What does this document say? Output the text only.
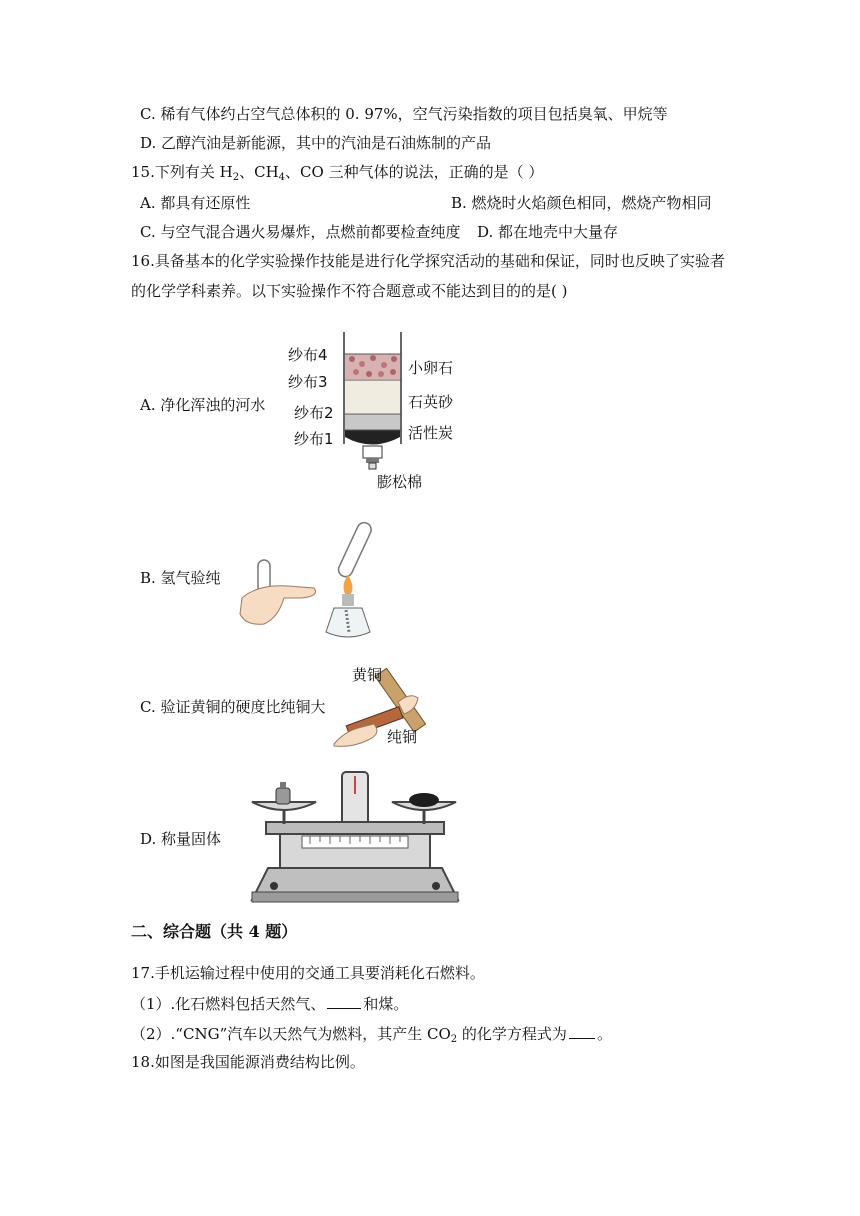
C. 稀有气体约占空气总体积的 0. 97%，空气污染指数的项目包括臭氧、甲烷等
D. 乙醇汽油是新能源，其中的汽油是石油炼制的产品
15.下列有关 $H_2$、$CH_4$、CO 三种气体的说法，正确的是（ ）
A. 都具有还原性	B. 燃烧时火焰颜色相同，燃烧产物相同
C. 与空气混合遇火易爆炸，点燃前都要检查纯度 D. 都在地壳中大量存
16.具备基本的化学实验操作技能是进行化学探究活动的基础和保证，同时也反映了实验者
的化学学科素养。以下实验操作不符合题意或不能达到目的的是( )
A. 净化浑浊的河水
纱布4
纱布3
纱布2
纱布1
小卵石
石英砂
活性炭
膨松棉
B. 氢气验纯
C. 验证黄铜的硬度比纯铜大
黄铜
纯铜
D. 称量固体
二、综合题（共 4 题）
17.手机运输过程中使用的交通工具要消耗化石燃料。
（1）.化石燃料包括天然气、	和煤。
（2）.“CNG”汽车以天然气为燃料，其产生 $CO_2$ 的化学方程式为 。
18.如图是我国能源消费结构比例。
